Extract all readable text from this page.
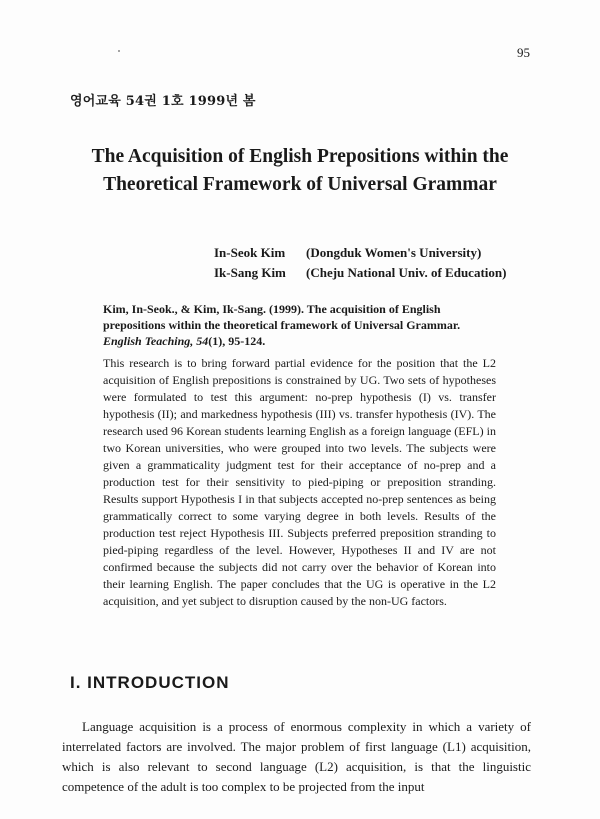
95
영어교육 54권 1호 1999년 봄
The Acquisition of English Prepositions within the
Theoretical Framework of Universal Grammar
In-Seok Kim	(Dongduk Women's University)
Ik-Sang Kim	(Cheju National Univ. of Education)
Kim, In-Seok., & Kim, Ik-Sang. (1999). The acquisition of English prepositions within the theoretical framework of Universal Grammar. English Teaching, 54(1), 95-124.
This research is to bring forward partial evidence for the position that the L2 acquisition of English prepositions is constrained by UG. Two sets of hypotheses were formulated to test this argument: no-prep hypothesis (I) vs. transfer hypothesis (II); and markedness hypothesis (III) vs. transfer hypothesis (IV). The research used 96 Korean students learning English as a foreign language (EFL) in two Korean universities, who were grouped into two levels. The subjects were given a grammaticality judgment test for their acceptance of no-prep and a production test for their sensitivity to pied-piping or preposition stranding. Results support Hypothesis I in that subjects accepted no-prep sentences as being grammatically correct to some varying degree in both levels. Results of the production test reject Hypothesis III. Subjects preferred preposition stranding to pied-piping regardless of the level. However, Hypotheses II and IV are not confirmed because the subjects did not carry over the behavior of Korean into their learning English. The paper concludes that the UG is operative in the L2 acquisition, and yet subject to disruption caused by the non-UG factors.
I. INTRODUCTION
Language acquisition is a process of enormous complexity in which a variety of interrelated factors are involved. The major problem of first language (L1) acquisition, which is also relevant to second language (L2) acquisition, is that the linguistic competence of the adult is too complex to be projected from the input
